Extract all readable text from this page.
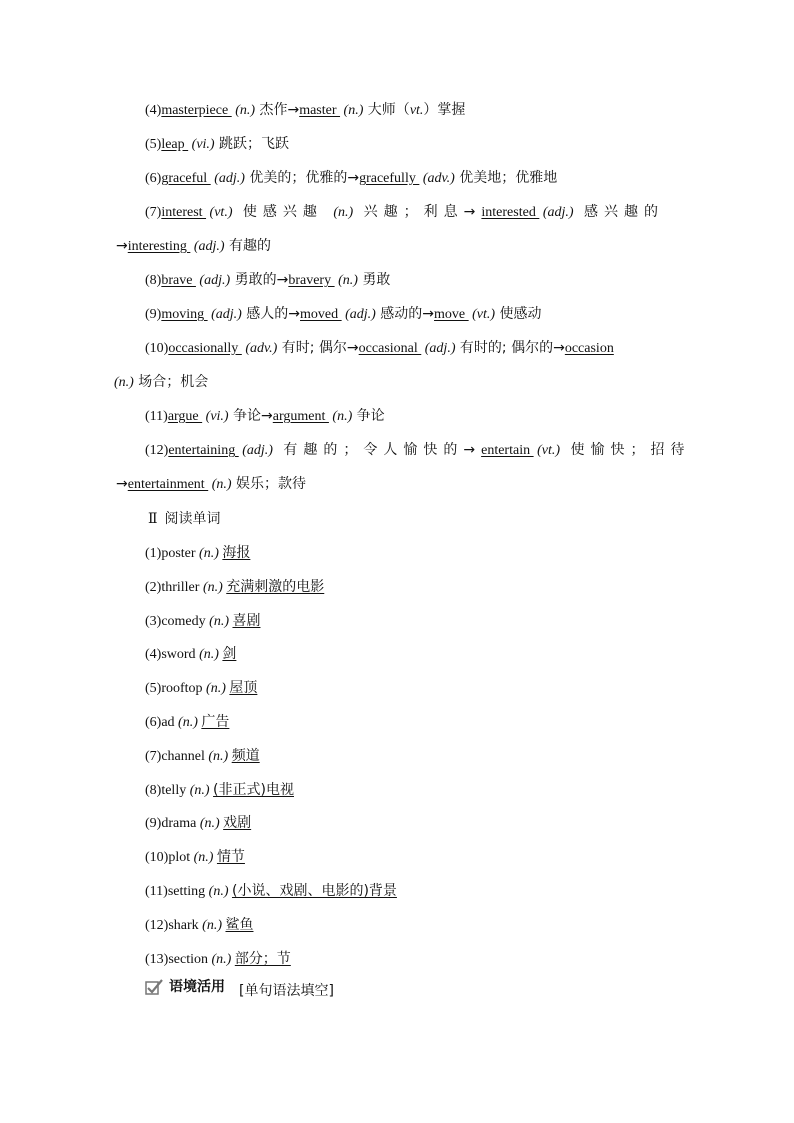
(4)masterpiece  (n.) 杰作→master  (n.) 大师（vt.）掌握
(5)leap  (vi.) 跳跃；飞跃
(6)graceful  (adj.) 优美的；优雅的→gracefully  (adv.) 优美地；优雅地
(7)interest  (vt.) 使感兴趣 (n.) 兴趣；利息→interested  (adj.) 感兴趣的
→interesting  (adj.) 有趣的
(8)brave  (adj.) 勇敢的→bravery  (n.) 勇敢
(9)moving  (adj.) 感人的→moved  (adj.) 感动的→move  (vt.) 使感动
(10)occasionally  (adv.) 有时; 偶尔→occasional  (adj.) 有时的; 偶尔的→occasion
(n.) 场合；机会
(11)argue  (vi.) 争论→argument  (n.) 争论
(12)entertaining  (adj.) 有趣的；令人愉快的→entertain  (vt.) 使愉快；招待
→entertainment  (n.) 娱乐；款待
Ⅱ 阅读单词
(1)poster (n.) 海报
(2)thriller (n.) 充满刺激的电影
(3)comedy (n.) 喜剧
(4)sword (n.) 剑
(5)rooftop (n.) 屋顶
(6)ad (n.) 广告
(7)channel (n.) 频道
(8)telly (n.) (非正式)电视
(9)drama (n.) 戏剧
(10)plot (n.) 情节
(11)setting (n.) (小说、戏剧、电影的)背景
(12)shark (n.) 鲨鱼
(13)section (n.) 部分；节
语境活用 [单句语法填空]
